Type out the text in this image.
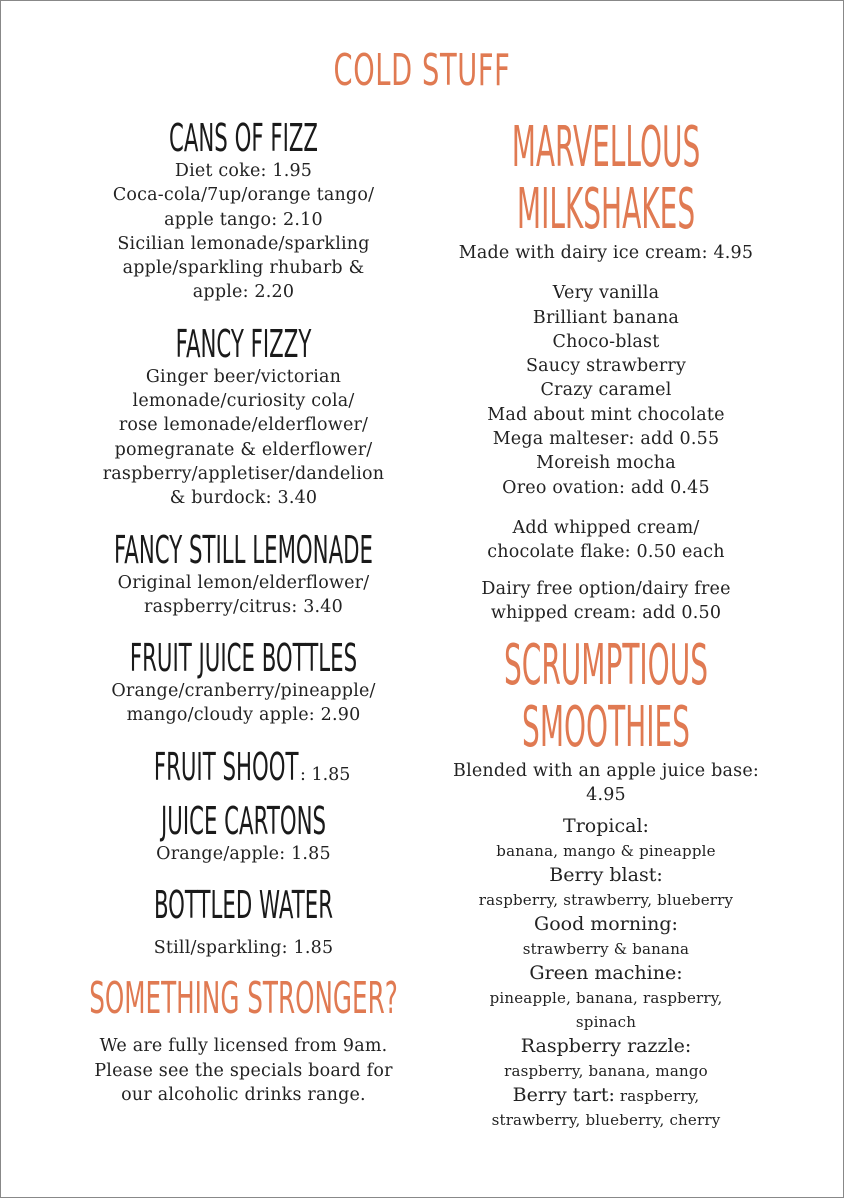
COLD STUFF
CANS OF FIZZ
Diet coke: 1.95
Coca-cola/7up/orange tango/
apple tango: 2.10
Sicilian lemonade/sparkling
apple/sparkling rhubarb &
apple: 2.20
FANCY FIZZY
Ginger beer/victorian
lemonade/curiosity cola/
rose lemonade/elderflower/
pomegranate & elderflower/
raspberry/appletiser/dandelion
& burdock: 3.40
FANCY STILL LEMONADE
Original lemon/elderflower/
raspberry/citrus: 3.40
FRUIT JUICE BOTTLES
Orange/cranberry/pineapple/
mango/cloudy apple: 2.90
FRUIT SHOOT : 1.85
JUICE CARTONS
Orange/apple: 1.85
BOTTLED WATER
Still/sparkling: 1.85
SOMETHING STRONGER?
We are fully licensed from 9am.
Please see the specials board for
our alcoholic drinks range.
MARVELLOUS
MILKSHAKES
Made with dairy ice cream: 4.95
Very vanilla
Brilliant banana
Choco-blast
Saucy strawberry
Crazy caramel
Mad about mint chocolate
Mega malteser: add 0.55
Moreish mocha
Oreo ovation: add 0.45
Add whipped cream/
chocolate flake: 0.50 each
Dairy free option/dairy free
whipped cream: add 0.50
SCRUMPTIOUS
SMOOTHIES
Blended with an apple juice base:
4.95
Tropical:
banana, mango & pineapple
Berry blast:
raspberry, strawberry, blueberry
Good morning:
strawberry & banana
Green machine:
pineapple, banana, raspberry,
spinach
Raspberry razzle:
raspberry, banana, mango
Berry tart: raspberry,
strawberry, blueberry, cherry
